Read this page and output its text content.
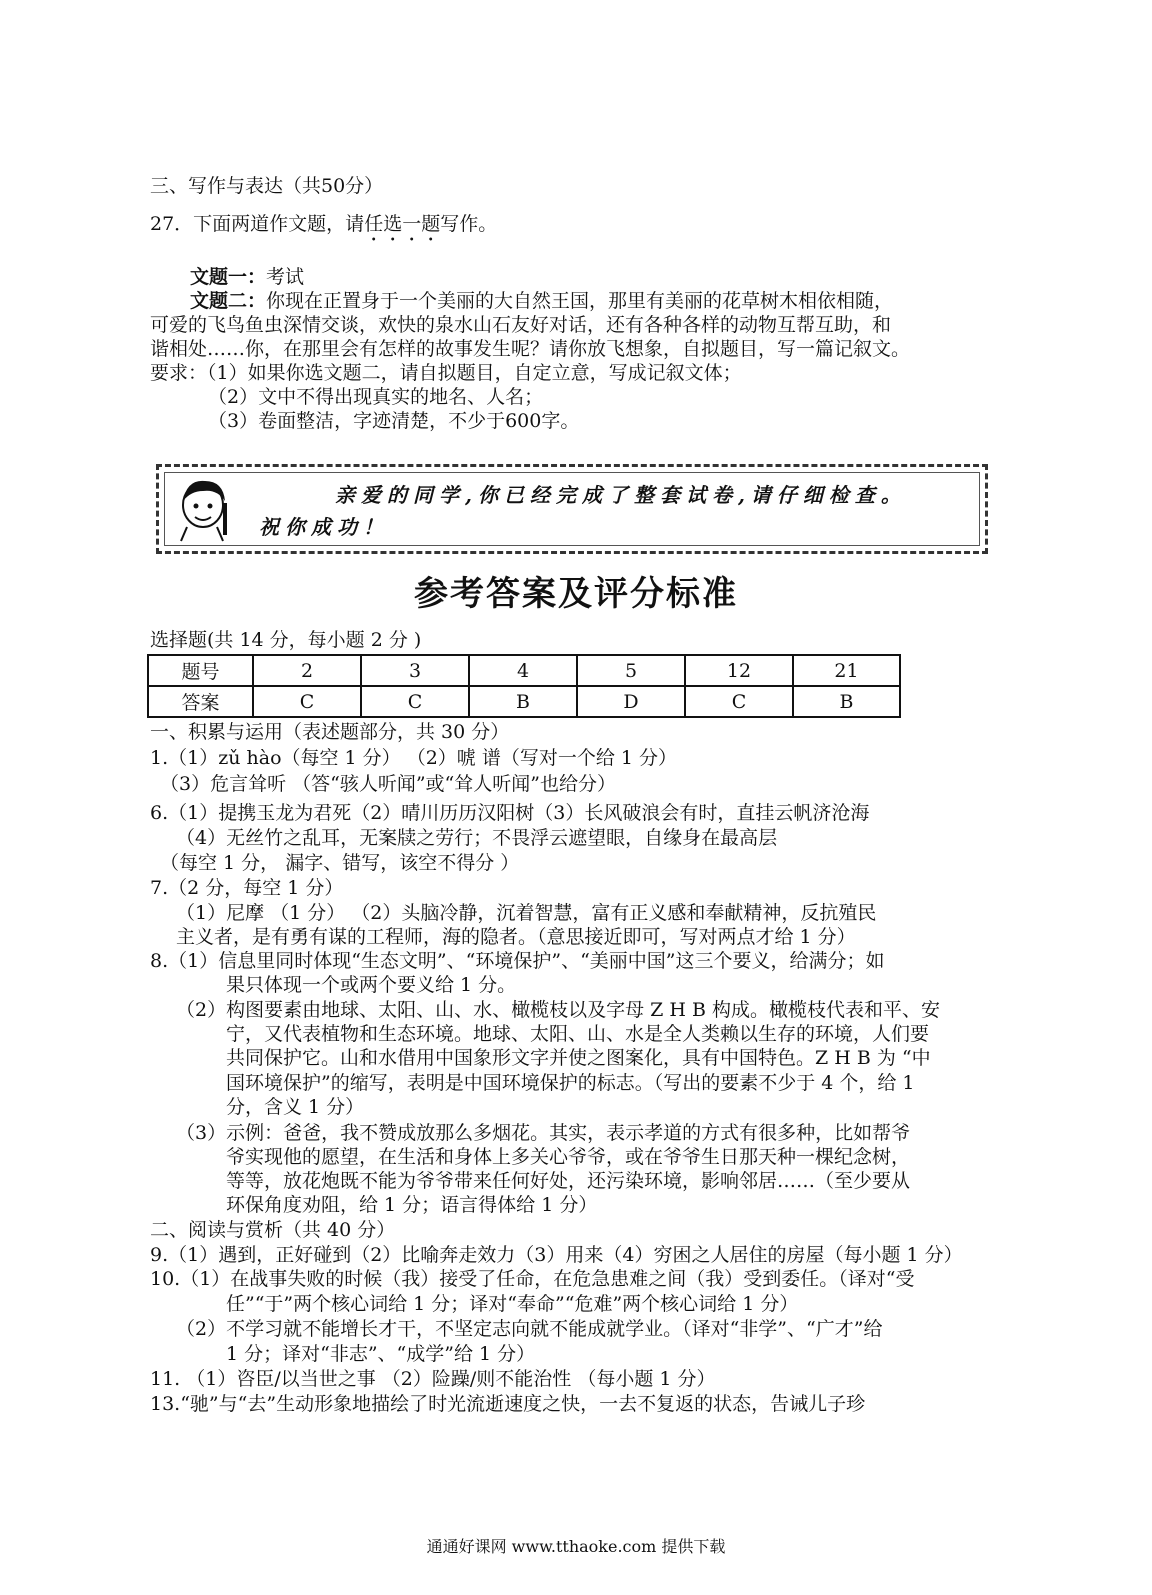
三、写作与表达（共50分）
27．下面两道作文题，请任选一题写作。
文题一：考试
文题二：你现在正置身于一个美丽的大自然王国，那里有美丽的花草树木相依相随，
可爱的飞鸟鱼虫深情交谈，欢快的泉水山石友好对话，还有各种各样的动物互帮互助，和
谐相处……你，在那里会有怎样的故事发生呢？请你放飞想象，自拟题目，写一篇记叙文。
要求：（1）如果你选文题二，请自拟题目，自定立意，写成记叙文体；
（2）文中不得出现真实的地名、人名；
（3）卷面整洁，字迹清楚，不少于600字。
亲爱的同学,你已经完成了整套试卷,请仔细检查。
祝你成功！
参考答案及评分标准
选择题(共 14 分，每小题 2 分 )
题号	2	3	4	5	12	21
答案	C	C	B	D	C	B
一、积累与运用（表述题部分，共 30 分）
1.（1）zǔ hào（每空 1 分） （2）唬 谱（写对一个给 1 分）
（3）危言耸听 （答“骇人听闻”或“耸人听闻”也给分）
6.（1）提携玉龙为君死（2）晴川历历汉阳树（3）长风破浪会有时，直挂云帆济沧海
（4）无丝竹之乱耳，无案牍之劳行；不畏浮云遮望眼，自缘身在最高层
（每空 1 分， 漏字、错写，该空不得分 ）
7.（2 分，每空 1 分）
（1）尼摩 （1 分） （2）头脑冷静，沉着智慧，富有正义感和奉献精神，反抗殖民
主义者，是有勇有谋的工程师，海的隐者。（意思接近即可，写对两点才给 1 分）
8.（1）信息里同时体现“生态文明”、“环境保护”、“美丽中国”这三个要义，给满分；如
果只体现一个或两个要义给 1 分。
（2）构图要素由地球、太阳、山、水、橄榄枝以及字母 Z H B 构成。橄榄枝代表和平、安
宁，又代表植物和生态环境。地球、太阳、山、水是全人类赖以生存的环境，人们要
共同保护它。山和水借用中国象形文字并使之图案化，具有中国特色。Z H B 为 “中
国环境保护”的缩写，表明是中国环境保护的标志。（写出的要素不少于 4 个，给 1
分，含义 1 分）
（3）示例：爸爸，我不赞成放那么多烟花。其实，表示孝道的方式有很多种，比如帮爷
爷实现他的愿望，在生活和身体上多关心爷爷，或在爷爷生日那天种一棵纪念树，
等等，放花炮既不能为爷爷带来任何好处，还污染环境，影响邻居……（至少要从
环保角度劝阻，给 1 分；语言得体给 1 分）
二、阅读与赏析（共 40 分）
9.（1）遇到，正好碰到（2）比喻奔走效力（3）用来（4）穷困之人居住的房屋（每小题 1 分）
10.（1）在战事失败的时候（我）接受了任命，在危急患难之间（我）受到委任。（译对“受
任”“于”两个核心词给 1 分；译对“奉命”“危难”两个核心词给 1 分）
（2）不学习就不能增长才干，不坚定志向就不能成就学业。（译对“非学”、“广才”给
1 分；译对“非志”、“成学”给 1 分）
11. （1）咨臣/以当世之事 （2）险躁/则不能治性 （每小题 1 分）
13.“驰”与“去”生动形象地描绘了时光流逝速度之快，一去不复返的状态，告诫儿子珍
通通好课网 www.tthaoke.com 提供下载
